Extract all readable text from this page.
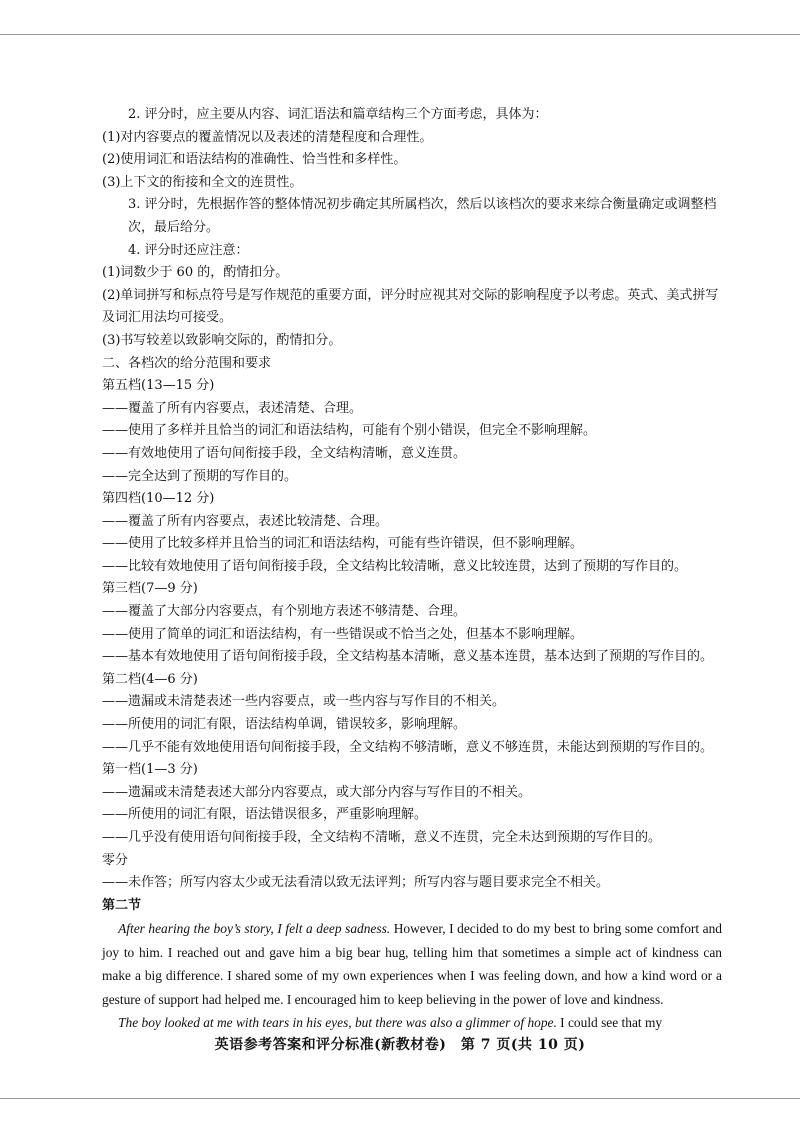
2. 评分时，应主要从内容、词汇语法和篇章结构三个方面考虑，具体为：
(1)对内容要点的覆盖情况以及表述的清楚程度和合理性。
(2)使用词汇和语法结构的准确性、恰当性和多样性。
(3)上下文的衔接和全文的连贯性。
3. 评分时，先根据作答的整体情况初步确定其所属档次，然后以该档次的要求来综合衡量确定或调整档次，最后给分。
4. 评分时还应注意：
(1)词数少于 60 的，酌情扣分。
(2)单词拼写和标点符号是写作规范的重要方面，评分时应视其对交际的影响程度予以考虑。英式、美式拼写及词汇用法均可接受。
(3)书写较差以致影响交际的，酌情扣分。
二、各档次的给分范围和要求
第五档(13—15 分)
——覆盖了所有内容要点，表述清楚、合理。
——使用了多样并且恰当的词汇和语法结构，可能有个别小错误，但完全不影响理解。
——有效地使用了语句间衔接手段，全文结构清晰，意义连贯。
——完全达到了预期的写作目的。
第四档(10—12 分)
——覆盖了所有内容要点，表述比较清楚、合理。
——使用了比较多样并且恰当的词汇和语法结构，可能有些许错误，但不影响理解。
——比较有效地使用了语句间衔接手段，全文结构比较清晰，意义比较连贯，达到了预期的写作目的。
第三档(7—9 分)
——覆盖了大部分内容要点，有个别地方表述不够清楚、合理。
——使用了简单的词汇和语法结构，有一些错误或不恰当之处，但基本不影响理解。
——基本有效地使用了语句间衔接手段，全文结构基本清晰，意义基本连贯，基本达到了预期的写作目的。
第二档(4—6 分)
——遗漏或未清楚表述一些内容要点，或一些内容与写作目的不相关。
——所使用的词汇有限，语法结构单调，错误较多，影响理解。
——几乎不能有效地使用语句间衔接手段，全文结构不够清晰，意义不够连贯，未能达到预期的写作目的。
第一档(1—3 分)
——遗漏或未清楚表述大部分内容要点，或大部分内容与写作目的不相关。
——所使用的词汇有限，语法错误很多，严重影响理解。
——几乎没有使用语句间衔接手段，全文结构不清晰，意义不连贯，完全未达到预期的写作目的。
零分
——未作答；所写内容太少或无法看清以致无法评判；所写内容与题目要求完全不相关。
第二节

After hearing the boy’s story, I felt a deep sadness. However, I decided to do my best to bring some comfort and joy to him. I reached out and gave him a big bear hug, telling him that sometimes a simple act of kindness can make a big difference. I shared some of my own experiences when I was feeling down, and how a kind word or a gesture of support had helped me. I encouraged him to keep believing in the power of love and kindness.

The boy looked at me with tears in his eyes, but there was also a glimmer of hope. I could see that my

英语参考答案和评分标准(新教材卷)　第 7 页(共 10 页)
